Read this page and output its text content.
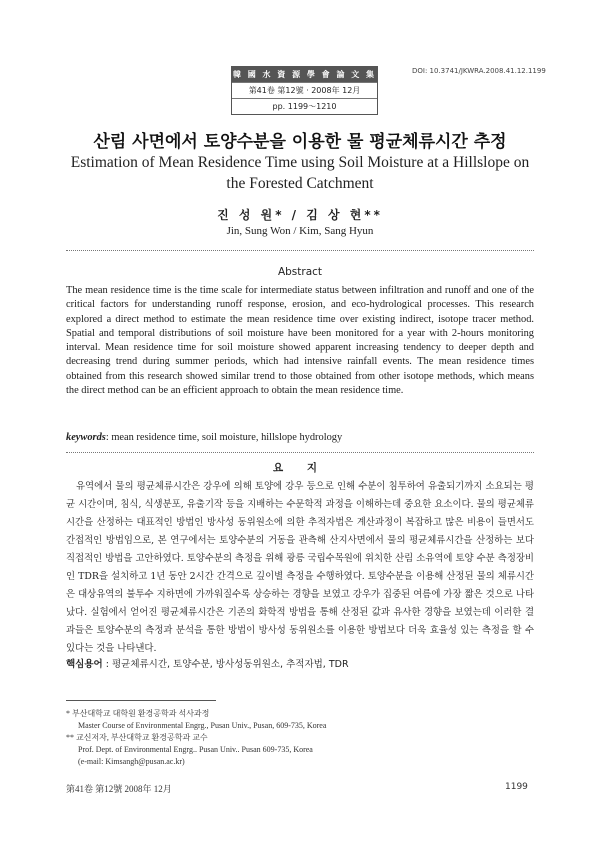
韓 國 水 資 源 學 會 論 文 集
第41卷 第12號 · 2008年 12月
pp. 1199～1210
DOI: 10.3741/JKWRA.2008.41.12.1199
산림 사면에서 토양수분을 이용한 물 평균체류시간 추정
Estimation of Mean Residence Time using Soil Moisture at a Hillslope on the Forested Catchment
진 성 원* / 김 상 현**
Jin, Sung Won / Kim, Sang Hyun
Abstract
The mean residence time is the time scale for intermediate status between infiltration and runoff and one of the critical factors for understanding runoff response, erosion, and eco-hydrological processes. This research explored a direct method to estimate the mean residence time over existing indirect, isotope tracer method. Spatial and temporal distributions of soil moisture have been monitored for a year with 2-hours monitoring interval. Mean residence time for soil moisture showed apparent increasing tendency to deeper depth and decreasing trend during summer periods, which had intensive rainfall events. The mean residence times obtained from this research showed similar trend to those obtained from other isotope methods, which means the direct method can be an efficient approach to obtain the mean residence time.
keywords: mean residence time, soil moisture, hillslope hydrology
요 지
유역에서 물의 평균체류시간은 강우에 의해 토양에 강우 등으로 인해 수분이 침투하여 유출되기까지 소요되는 평균 시간이며, 침식, 식생분포, 유출기작 등을 지배하는 수문학적 과정을 이해하는데 중요한 요소이다. 물의 평균체류시간을 산정하는 대표적인 방법인 방사성 동위원소에 의한 추적자법은 계산과정이 복잡하고 많은 비용이 들면서도 간접적인 방법임으로, 본 연구에서는 토양수분의 거동을 관측해 산지사면에서 물의 평균체류시간을 산정하는 보다 직접적인 방법을 고안하였다. 토양수분의 측정을 위해 광릉 국립수목원에 위치한 산림 소유역에 토양 수분 측정장비인 TDR을 설치하고 1년 동안 2시간 간격으로 깊이별 측정을 수행하였다. 토양수분을 이용해 산정된 물의 체류시간은 대상유역의 불투수 지하면에 가까워질수록 상승하는 경향을 보였고 강우가 집중된 여름에 가장 짧은 것으로 나타났다. 실험에서 얻어진 평균체류시간은 기존의 화학적 방법을 통해 산정된 값과 유사한 경향을 보였는데 이러한 결과들은 토양수분의 측정과 분석을 통한 방법이 방사성 동위원소를 이용한 방법보다 더욱 효율성 있는 측정을 할 수 있다는 것을 나타낸다.
핵심용어 : 평균체류시간, 토양수분, 방사성동위원소, 추적자법, TDR
* 부산대학교 대학원 환경공학과 석사과정
Master Course of Environmental Engrg., Pusan Univ., Pusan, 609-735, Korea
** 교신저자, 부산대학교 환경공학과 교수
Prof. Dept. of Environmental Engrg.. Pusan Univ.. Pusan 609-735, Korea
(e-mail: Kimsangh@pusan.ac.kr)
第41卷 第12號 2008年 12月	1199
